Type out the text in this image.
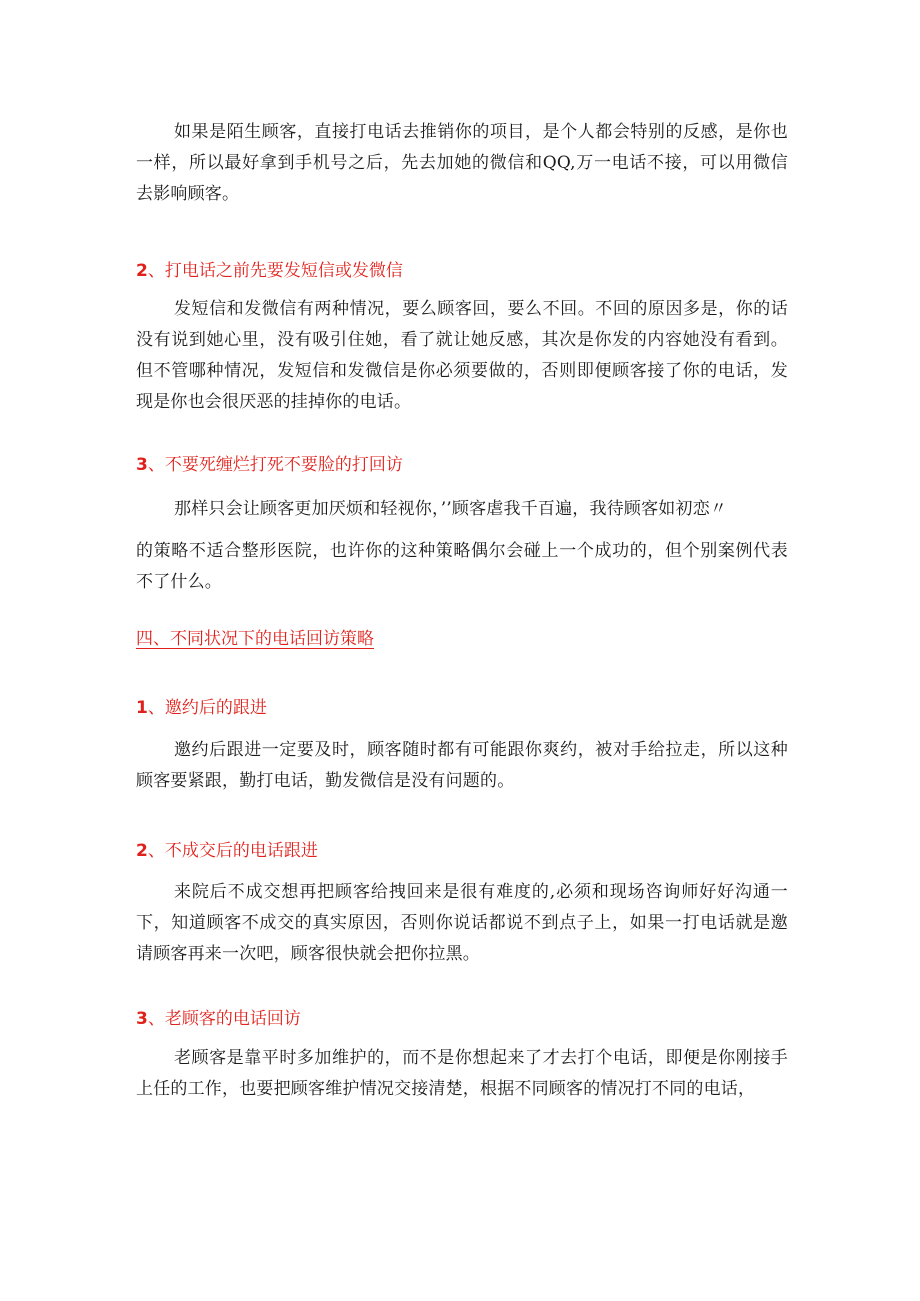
如果是陌生顾客，直接打电话去推销你的项目，是个人都会特别的反感，是你也一样，所以最好拿到手机号之后，先去加她的微信和QQ,万一电话不接，可以用微信去影响顾客。

2、打电话之前先要发短信或发微信

发短信和发微信有两种情况，要么顾客回，要么不回。不回的原因多是，你的话没有说到她心里，没有吸引住她，看了就让她反感，其次是你发的内容她没有看到。但不管哪种情况，发短信和发微信是你必须要做的，否则即便顾客接了你的电话，发现是你也会很厌恶的挂掉你的电话。

3、不要死缠烂打死不要脸的打回访

那样只会让顾客更加厌烦和轻视你，’’顾客虐我千百遍，我待顾客如初恋〃

的策略不适合整形医院，也许你的这种策略偶尔会碰上一个成功的，但个别案例代表不了什么。

四、不同状况下的电话回访策略
1、邀约后的跟进

邀约后跟进一定要及时，顾客随时都有可能跟你爽约，被对手给拉走，所以这种顾客要紧跟，勤打电话，勤发微信是没有问题的。

2、不成交后的电话跟进

来院后不成交想再把顾客给拽回来是很有难度的,必须和现场咨询师好好沟通一下，知道顾客不成交的真实原因，否则你说话都说不到点子上，如果一打电话就是邀请顾客再来一次吧，顾客很快就会把你拉黑。

3、老顾客的电话回访

老顾客是靠平时多加维护的，而不是你想起来了才去打个电话，即便是你刚接手上任的工作，也要把顾客维护情况交接清楚，根据不同顾客的情况打不同的电话，
